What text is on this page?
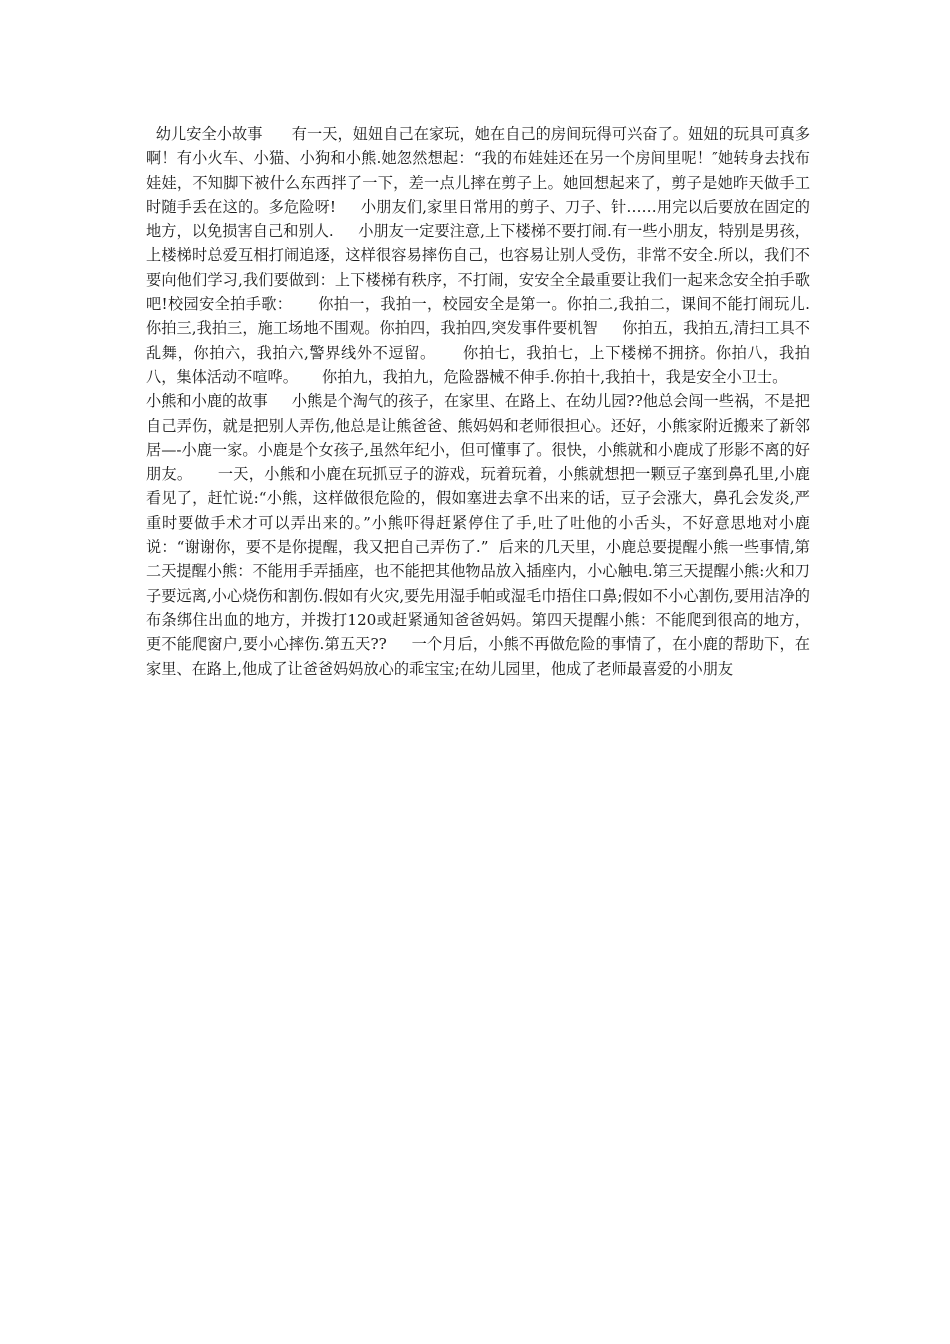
幼儿安全小故事      有一天，妞妞自己在家玩，她在自己的房间玩得可兴奋了。妞妞的玩具可真多啊！有小火车、小猫、小狗和小熊.她忽然想起：“我的布娃娃还在另一个房间里呢！″她转身去找布娃娃，不知脚下被什么东西拌了一下，差一点儿摔在剪子上。她回想起来了，剪子是她昨天做手工时随手丢在这的。多危险呀!     小朋友们,家里日常用的剪子、刀子、针……用完以后要放在固定的地方，以免损害自己和别人.     小朋友一定要注意,上下楼梯不要打闹.有一些小朋友，特别是男孩，上楼梯时总爱互相打闹追逐，这样很容易摔伤自己，也容易让别人受伤，非常不安全.所以，我们不要向他们学习,我们要做到：上下楼梯有秩序，不打闹，安安全全最重要让我们一起来念安全拍手歌吧!校园安全拍手歌：     你拍一，我拍一，校园安全是第一。你拍二,我拍二，课间不能打闹玩儿.     你拍三,我拍三，施工场地不围观。你拍四，我拍四,突发事件要机智     你拍五，我拍五,清扫工具不乱舞，你拍六，我拍六,警界线外不逗留。     你拍七，我拍七，上下楼梯不拥挤。你拍八，我拍八，集体活动不喧哗。     你拍九，我拍九，危险器械不伸手.你拍十,我拍十，我是安全小卫士。

小熊和小鹿的故事     小熊是个淘气的孩子，在家里、在路上、在幼儿园??他总会闯一些祸，不是把自己弄伤，就是把别人弄伤,他总是让熊爸爸、熊妈妈和老师很担心。还好，小熊家附近搬来了新邻居—-小鹿一家。小鹿是个女孩子,虽然年纪小，但可懂事了。很快，小熊就和小鹿成了形影不离的好朋友。     一天，小熊和小鹿在玩抓豆子的游戏，玩着玩着，小熊就想把一颗豆子塞到鼻孔里,小鹿看见了，赶忙说:“小熊，这样做很危险的，假如塞进去拿不出来的话，豆子会涨大，鼻孔会发炎,严重时要做手术才可以弄出来的。”小熊吓得赶紧停住了手,吐了吐他的小舌头，不好意思地对小鹿说：“谢谢你，要不是你提醒，我又把自己弄伤了.”  后来的几天里，小鹿总要提醒小熊一些事情,第二天提醒小熊：不能用手弄插座，也不能把其他物品放入插座内，小心触电.第三天提醒小熊:火和刀子要远离,小心烧伤和割伤.假如有火灾,要先用湿手帕或湿毛巾捂住口鼻;假如不小心割伤,要用洁净的布条绑住出血的地方，并拨打120或赶紧通知爸爸妈妈。第四天提醒小熊：不能爬到很高的地方，更不能爬窗户,要小心摔伤.第五天??     一个月后，小熊不再做危险的事情了，在小鹿的帮助下，在家里、在路上,他成了让爸爸妈妈放心的乖宝宝;在幼儿园里，他成了老师最喜爱的小朋友
